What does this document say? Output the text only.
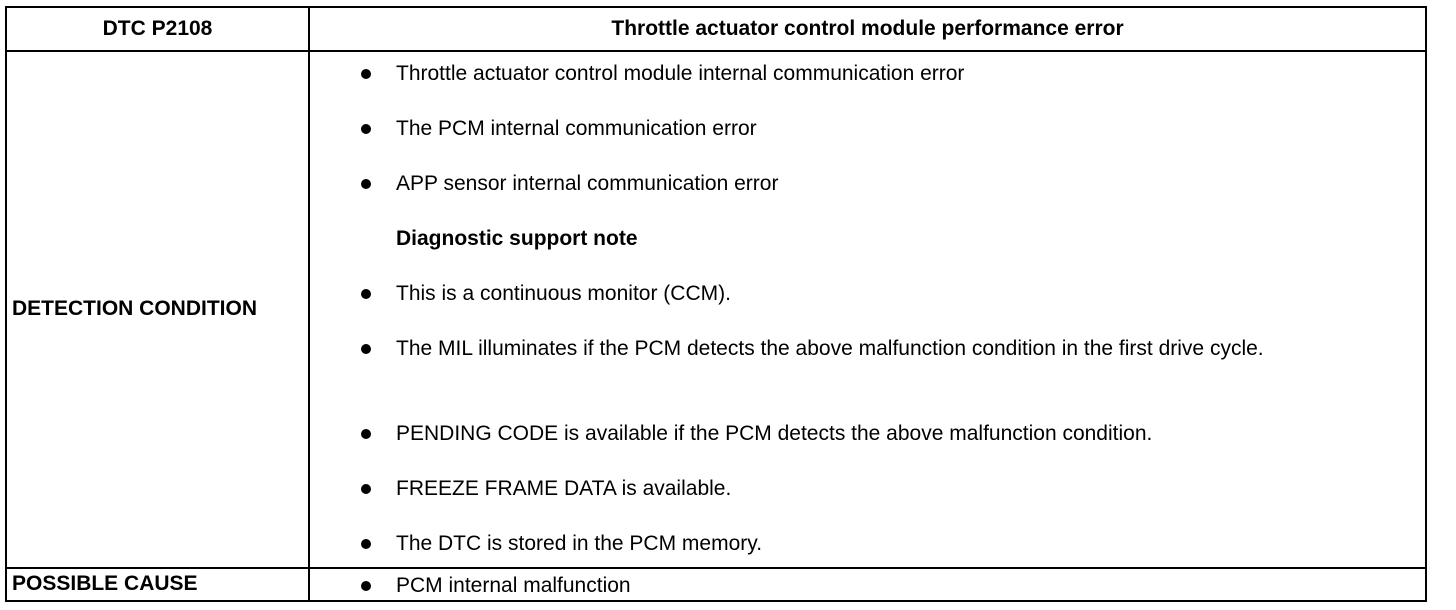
DTC P2108	Throttle actuator control module performance error
DETECTION CONDITION
Throttle actuator control module internal communication error
The PCM internal communication error
APP sensor internal communication error
Diagnostic support note
This is a continuous monitor (CCM).
The MIL illuminates if the PCM detects the above malfunction condition in the first drive cycle.
PENDING CODE is available if the PCM detects the above malfunction condition.
FREEZE FRAME DATA is available.
The DTC is stored in the PCM memory.
POSSIBLE CAUSE	PCM internal malfunction
